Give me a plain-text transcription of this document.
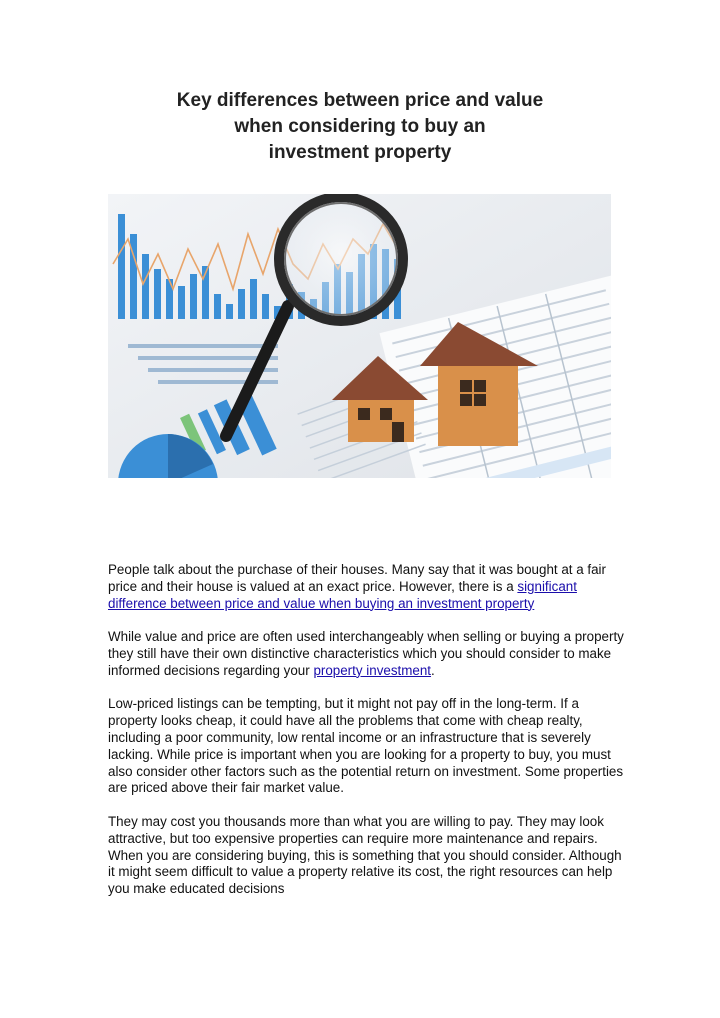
Key differences between price and value
when considering to buy an
investment property

People talk about the purchase of their houses. Many say that it was bought at a fair price and their house is valued at an exact price. However, there is a significant difference between price and value when buying an investment property

While value and price are often used interchangeably when selling or buying a property they still have their own distinctive characteristics which you should consider to make informed decisions regarding your property investment.

Low-priced listings can be tempting, but it might not pay off in the long-term. If a property looks cheap, it could have all the problems that come with cheap realty, including a poor community, low rental income or an infrastructure that is severely lacking. While price is important when you are looking for a property to buy, you must also consider other factors such as the potential return on investment. Some properties are priced above their fair market value.

They may cost you thousands more than what you are willing to pay. They may look attractive, but too expensive properties can require more maintenance and repairs. When you are considering buying, this is something that you should consider. Although it might seem difficult to value a property relative its cost, the right resources can help you make educated decisions
